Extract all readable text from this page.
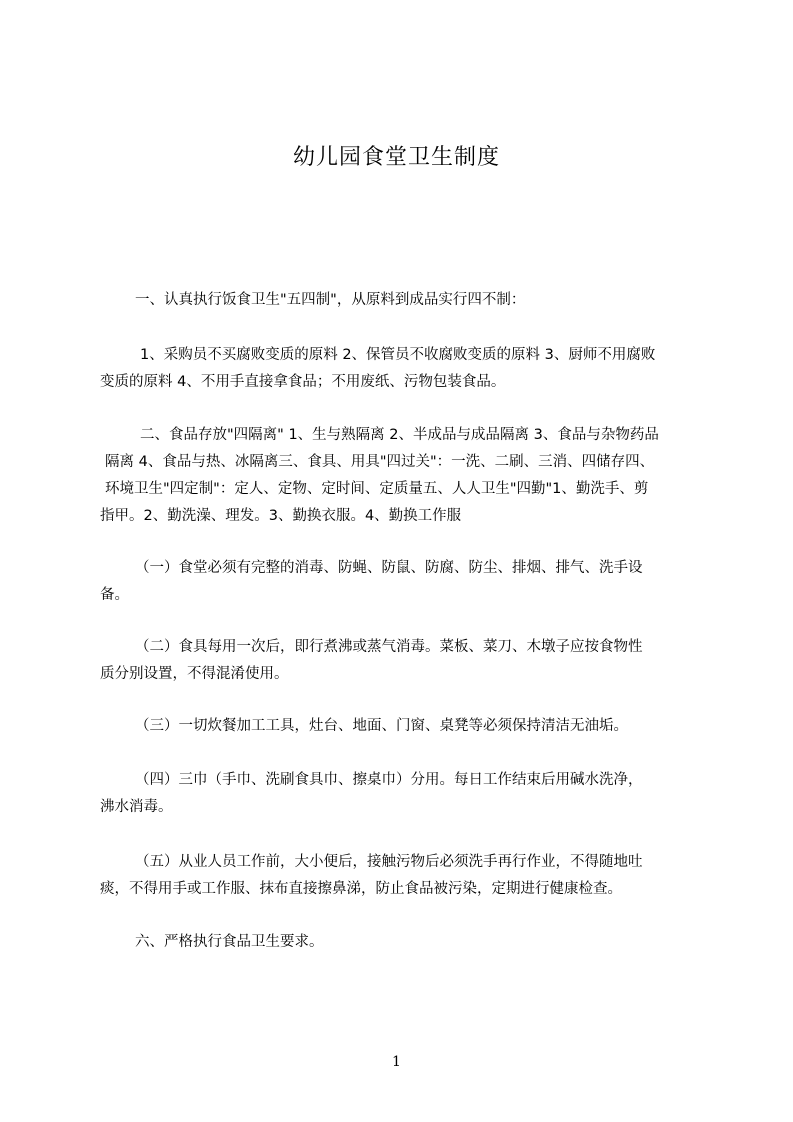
幼儿园食堂卫生制度
一、认真执行饭食卫生"五四制"，从原料到成品实行四不制：
1、采购员不买腐败变质的原料 2、保管员不收腐败变质的原料 3、厨师不用腐败
变质的原料 4、不用手直接拿食品；不用废纸、污物包装食品。
二、食品存放"四隔离" 1、生与熟隔离 2、半成品与成品隔离 3、食品与杂物药品
隔离 4、食品与热、冰隔离三、食具、用具"四过关"：一洗、二刷、三消、四储存四、
环境卫生"四定制"：定人、定物、定时间、定质量五、人人卫生"四勤"1、勤洗手、剪
指甲。2、勤洗澡、理发。3、勤换衣服。4、勤换工作服
（一）食堂必须有完整的消毒、防蝇、防鼠、防腐、防尘、排烟、排气、洗手设
备。
（二）食具每用一次后，即行煮沸或蒸气消毒。菜板、菜刀、木墩子应按食物性
质分别设置，不得混淆使用。
（三）一切炊餐加工工具，灶台、地面、门窗、桌凳等必须保持清洁无油垢。
（四）三巾（手巾、洗刷食具巾、擦桌巾）分用。每日工作结束后用碱水洗净，
沸水消毒。
（五）从业人员工作前，大小便后，接触污物后必须洗手再行作业，不得随地吐
痰，不得用手或工作服、抹布直接擦鼻涕，防止食品被污染，定期进行健康检查。
六、严格执行食品卫生要求。
1
